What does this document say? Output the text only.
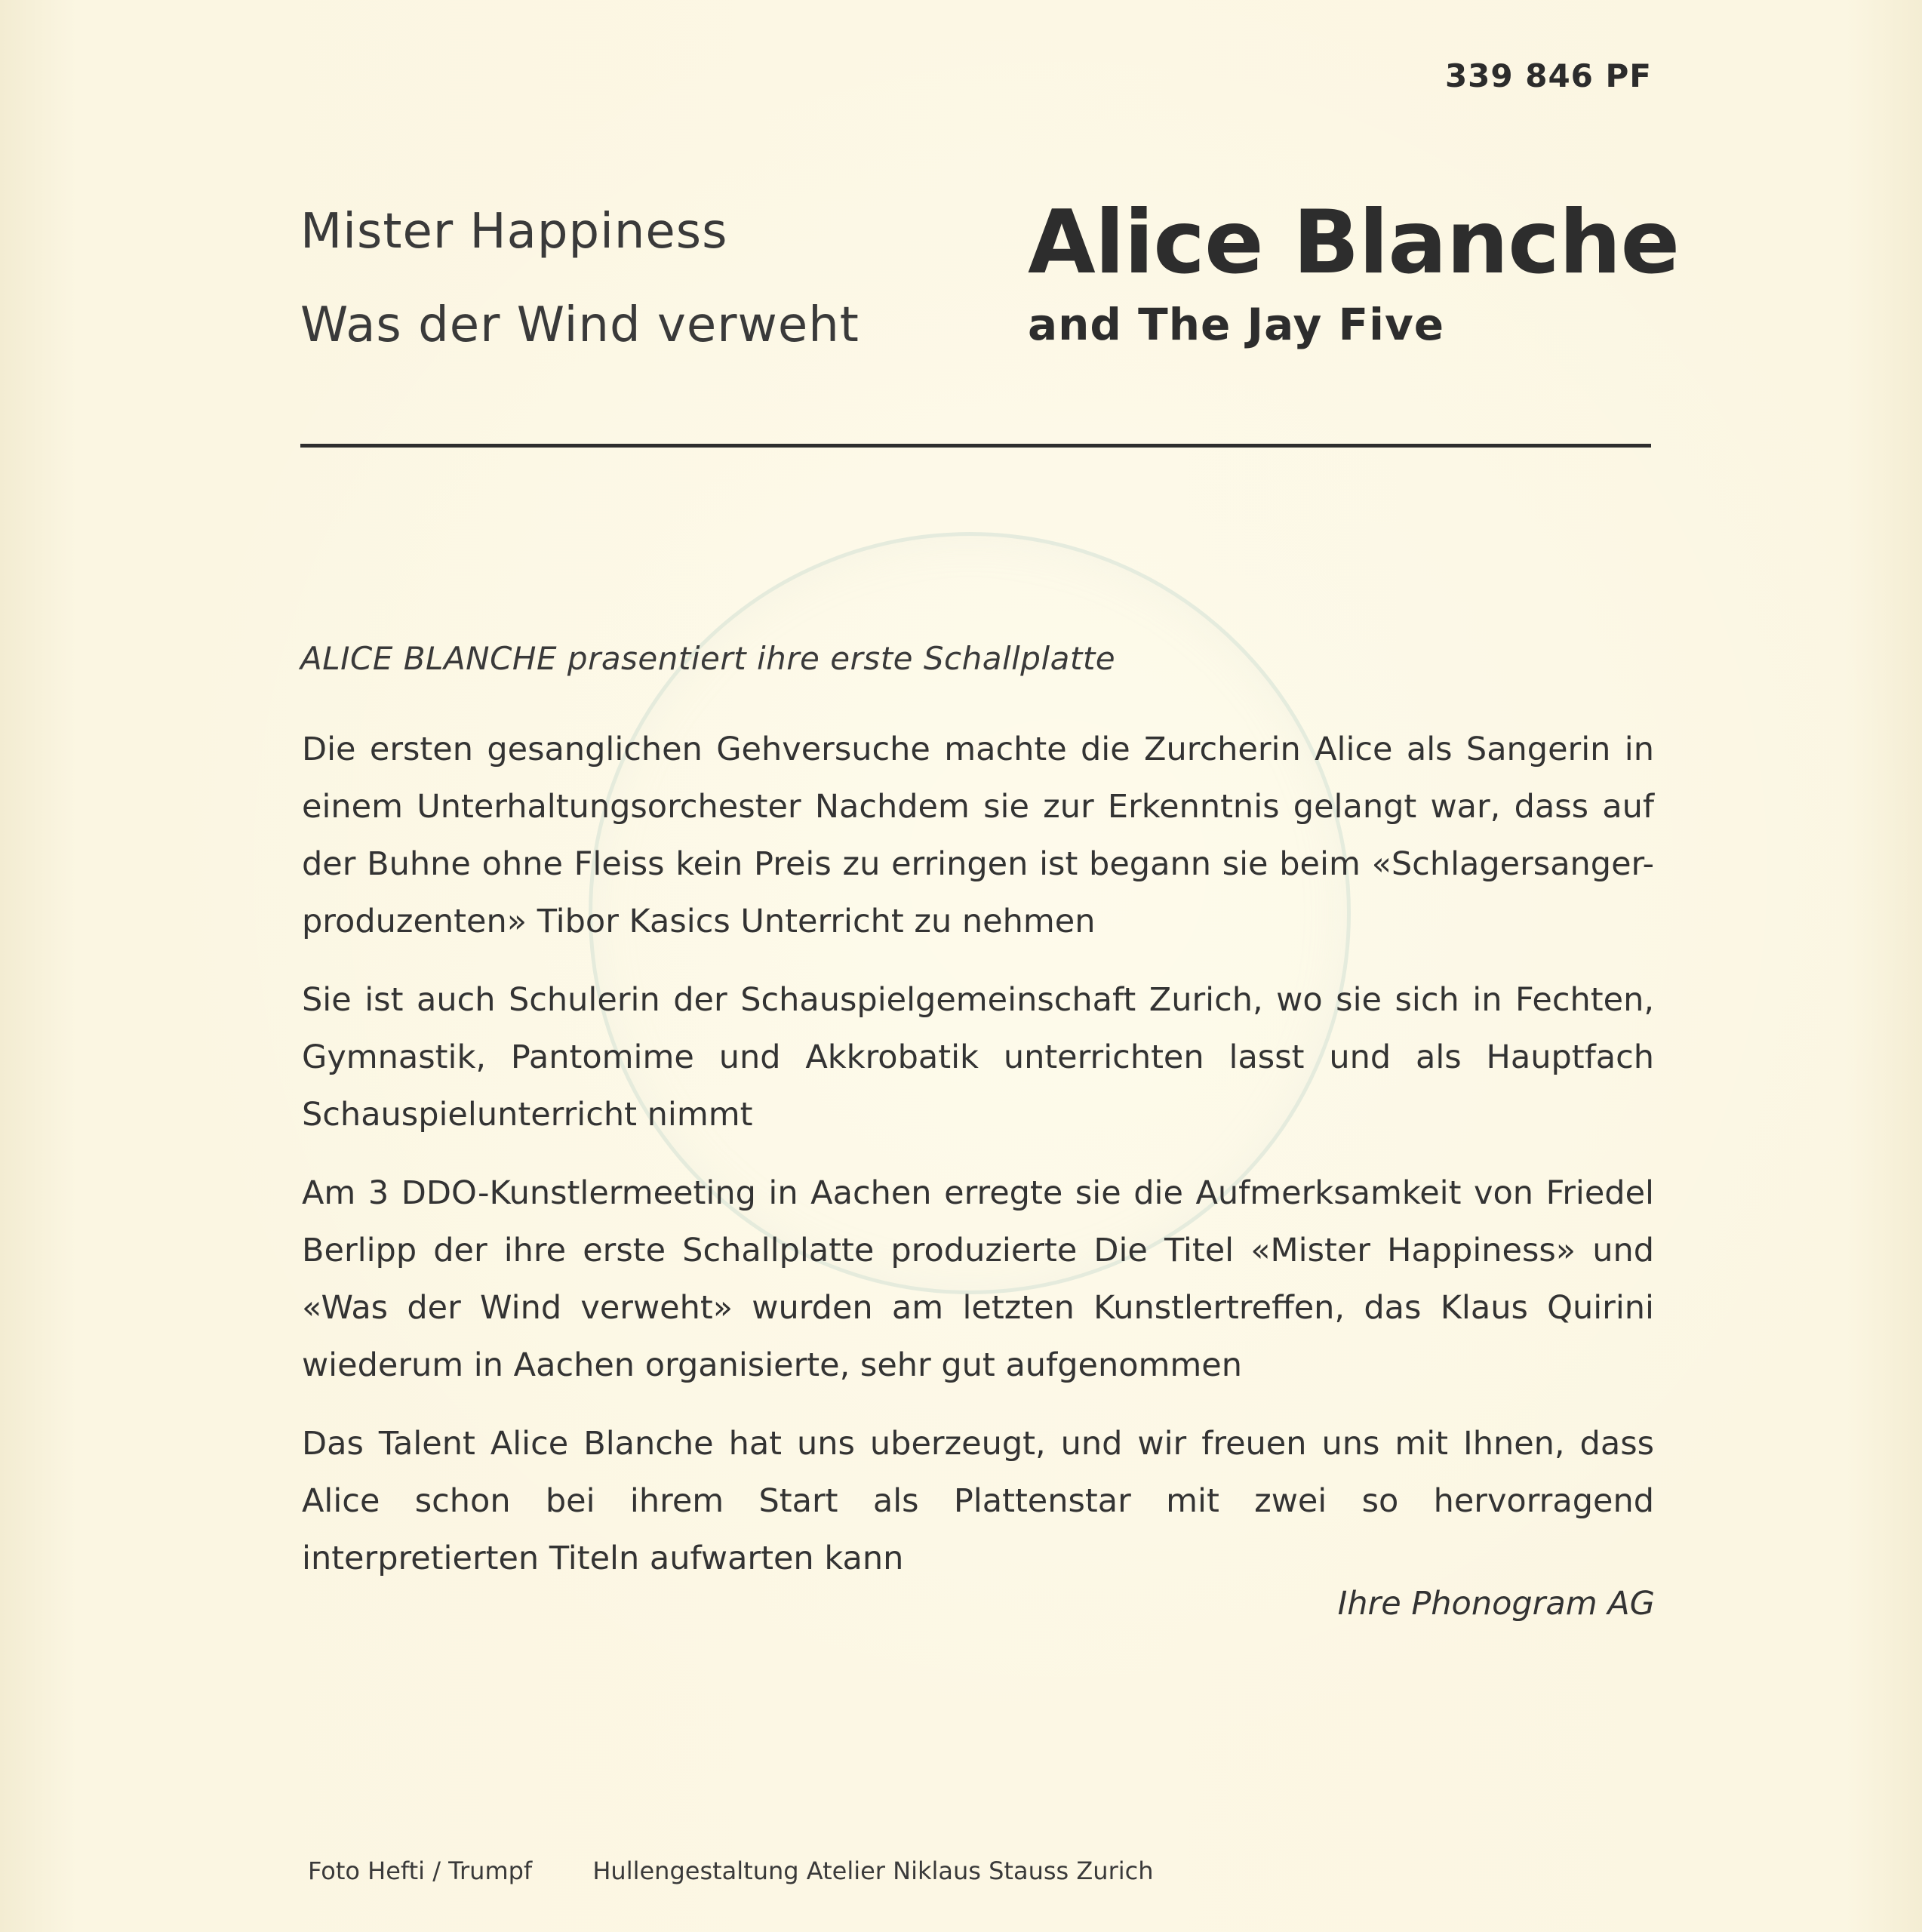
339 846 PF
Mister Happiness
Was der Wind verweht
Alice Blanche
and The Jay Five
ALICE BLANCHE prasentiert ihre erste Schallplatte

Die ersten gesanglichen Gehversuche machte die Zurcherin Alice als Sangerin in einem Unterhaltungsorchester Nachdem sie zur Erkenntnis gelangt war, dass auf der Buhne ohne Fleiss kein Preis zu erringen ist begann sie beim «Schlagersanger-produzenten» Tibor Kasics Unterricht zu nehmen

Sie ist auch Schulerin der Schauspielgemeinschaft Zurich, wo sie sich in Fechten, Gymnastik, Pantomime und Akkrobatik unterrichten lasst und als Hauptfach Schauspielunterricht nimmt

Am 3 DDO-Kunstlermeeting in Aachen erregte sie die Aufmerksamkeit von Friedel Berlipp der ihre erste Schallplatte produzierte Die Titel «Mister Happiness» und «Was der Wind verweht» wurden am letzten Kunstlertreffen, das Klaus Quirini wiederum in Aachen organisierte, sehr gut aufgenommen

Das Talent Alice Blanche hat uns uberzeugt, und wir freuen uns mit Ihnen, dass Alice schon bei ihrem Start als Plattenstar mit zwei so hervorragend interpretierten Titeln aufwarten kann

Ihre Phonogram AG
Foto Hefti / Trumpf	Hullengestaltung Atelier Niklaus Stauss Zurich
